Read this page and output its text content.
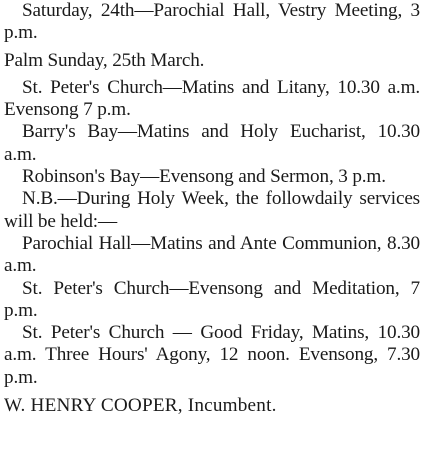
Saturday, 24th—Parochial Hall, Vestry Meeting, 3 p.m.

Palm Sunday, 25th March.

St. Peter's Church—Matins and Litany, 10.30 a.m. Evensong 7 p.m.

Barry's Bay—Matins and Holy Eucharist, 10.30 a.m.

Robinson's Bay—Evensong and Sermon, 3 p.m.

N.B.—During Holy Week, the followdaily services will be held:—

Parochial Hall—Matins and Ante Communion, 8.30 a.m.

St. Peter's Church—Evensong and Meditation, 7 p.m.

St. Peter's Church — Good Friday, Matins, 10.30 a.m. Three Hours' Agony, 12 noon. Evensong, 7.30 p.m.

W. HENRY COOPER, Incumbent.
